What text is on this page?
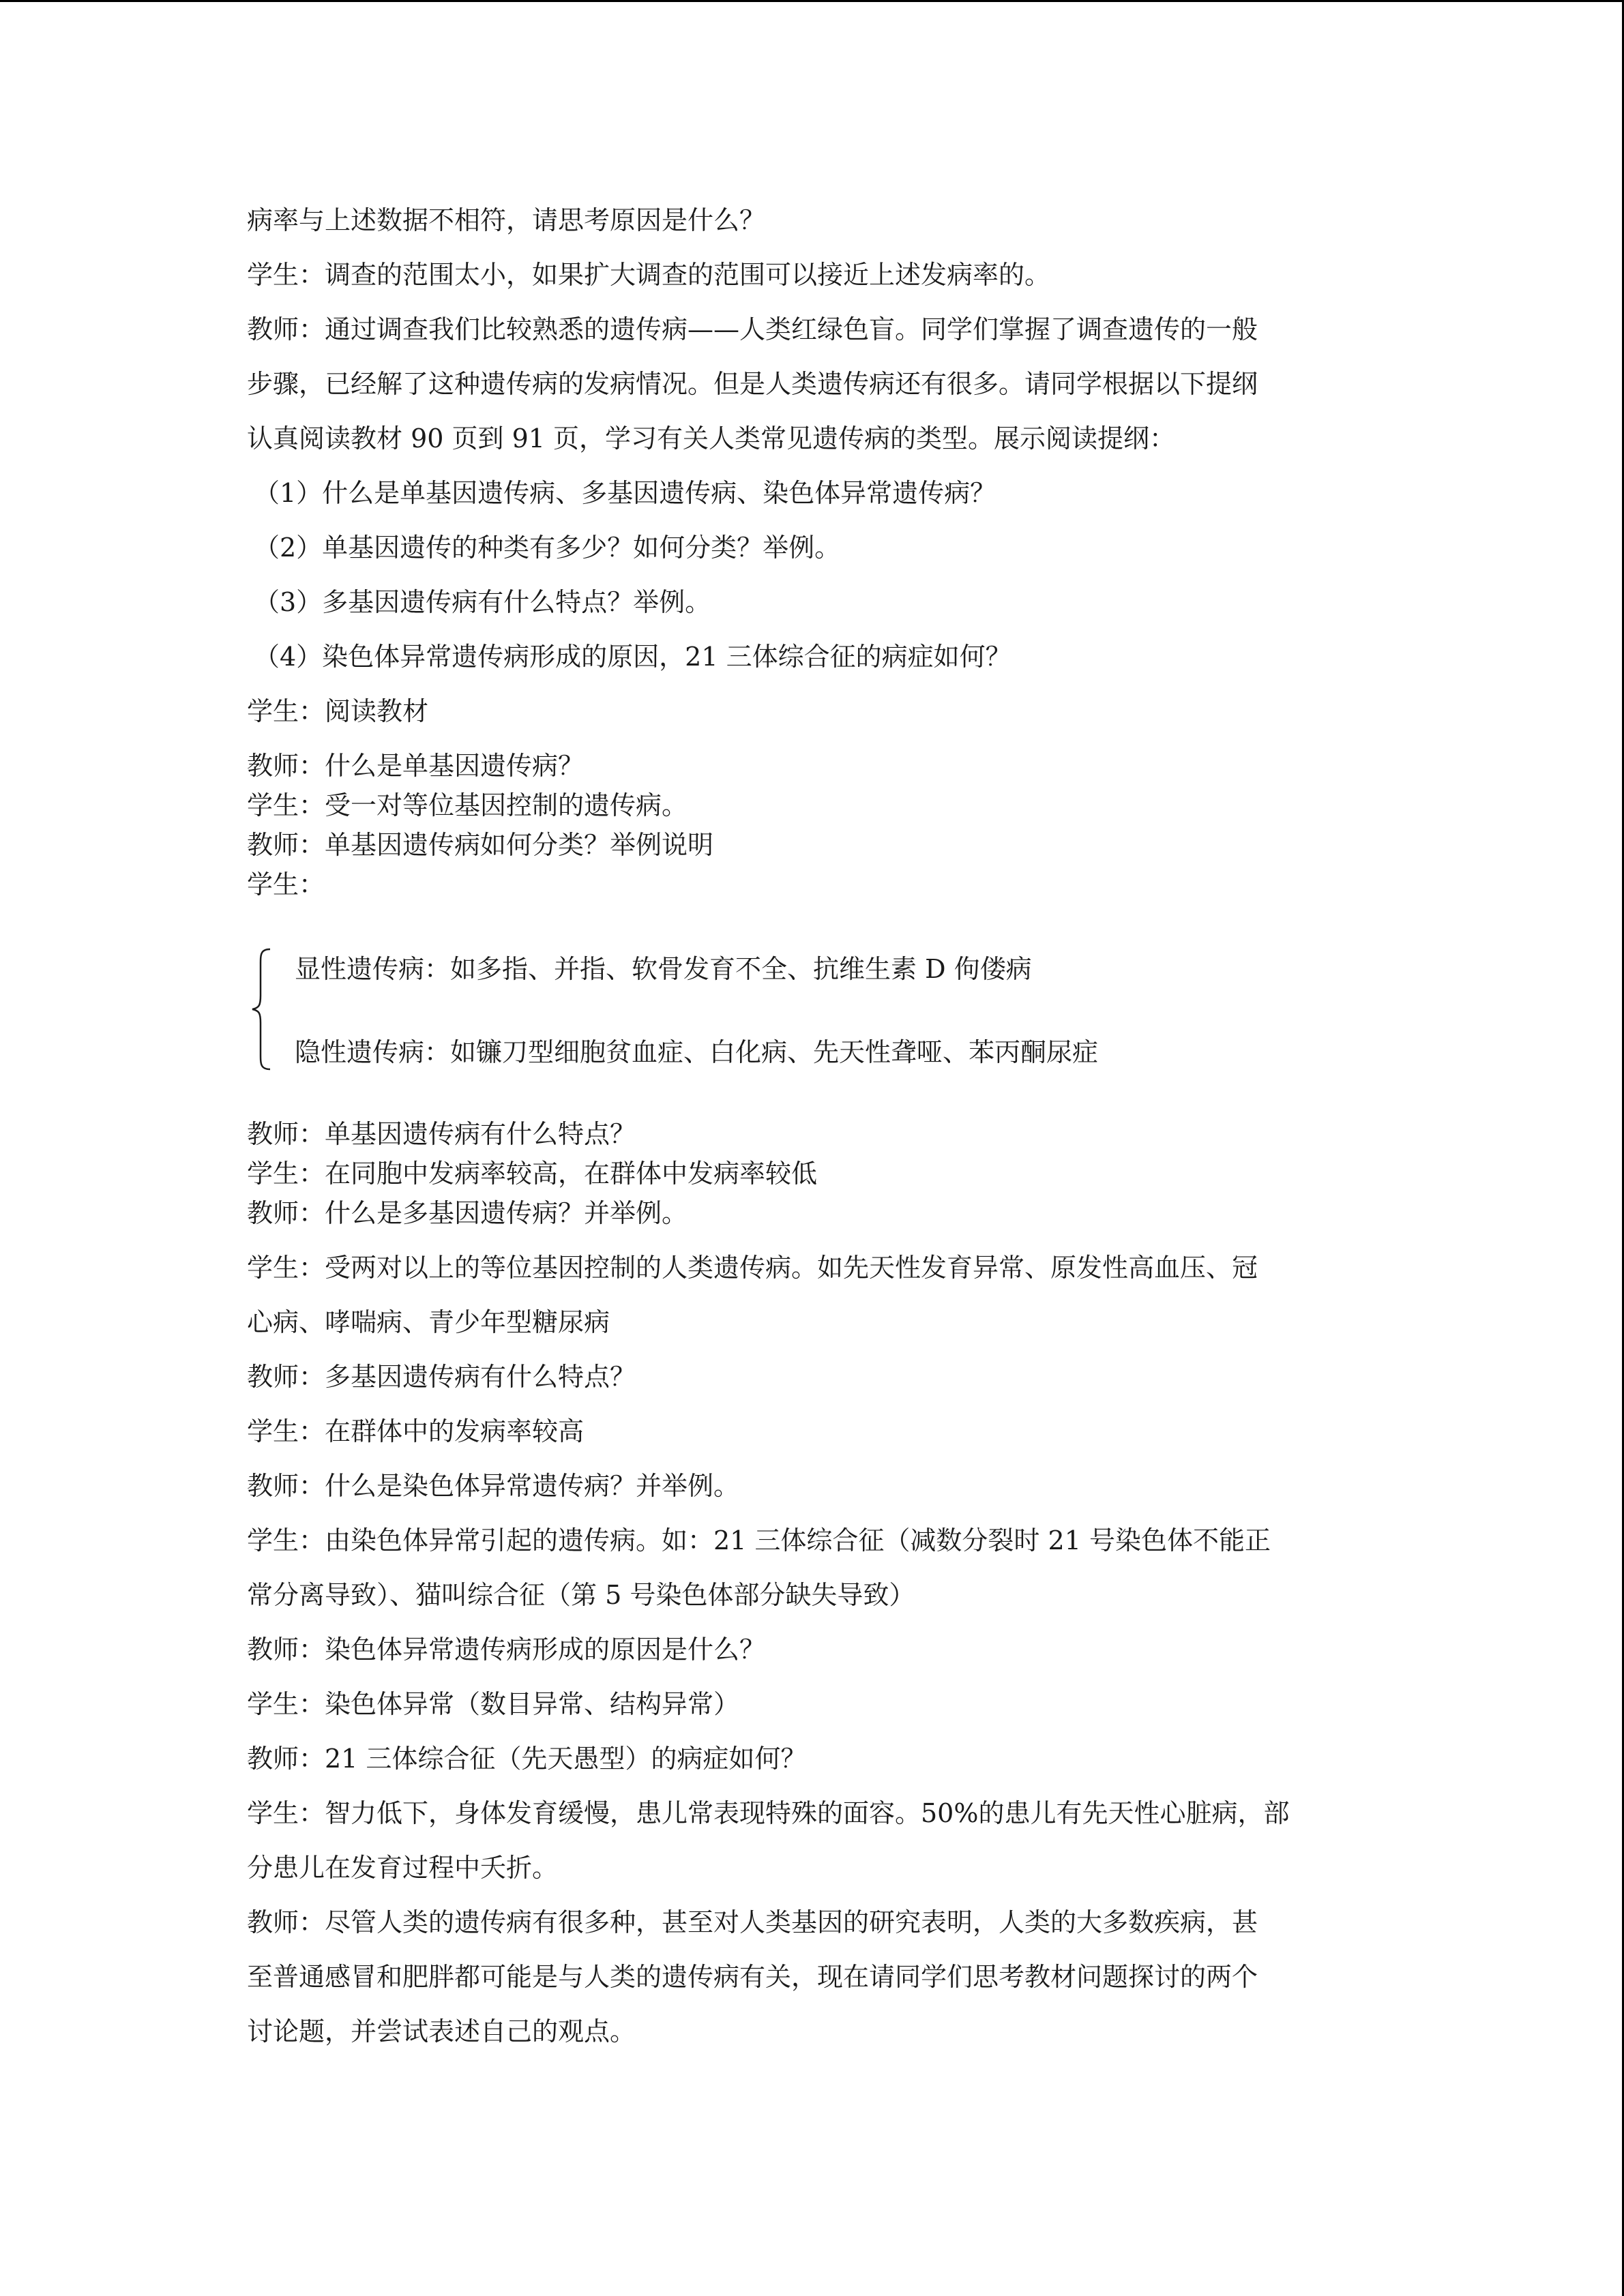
病率与上述数据不相符，请思考原因是什么？
学生：调查的范围太小，如果扩大调查的范围可以接近上述发病率的。
教师：通过调查我们比较熟悉的遗传病——人类红绿色盲。同学们掌握了调查遗传的一般
步骤，已经解了这种遗传病的发病情况。但是人类遗传病还有很多。请同学根据以下提纲
认真阅读教材 90 页到 91 页，学习有关人类常见遗传病的类型。展示阅读提纲：
（1）什么是单基因遗传病、多基因遗传病、染色体异常遗传病？
（2）单基因遗传的种类有多少？如何分类？举例。
（3）多基因遗传病有什么特点？举例。
（4）染色体异常遗传病形成的原因，21 三体综合征的病症如何？
学生：阅读教材
教师：什么是单基因遗传病？
学生：受一对等位基因控制的遗传病。
教师：单基因遗传病如何分类？举例说明
学生：
显性遗传病：如多指、并指、软骨发育不全、抗维生素 D 佝偻病
隐性遗传病：如镰刀型细胞贫血症、白化病、先天性聋哑、苯丙酮尿症
教师：单基因遗传病有什么特点？
学生：在同胞中发病率较高，在群体中发病率较低
教师：什么是多基因遗传病？并举例。
学生：受两对以上的等位基因控制的人类遗传病。如先天性发育异常、原发性高血压、冠
心病、哮喘病、青少年型糖尿病
教师：多基因遗传病有什么特点？
学生：在群体中的发病率较高
教师：什么是染色体异常遗传病？并举例。
学生：由染色体异常引起的遗传病。如：21 三体综合征（减数分裂时 21 号染色体不能正
常分离导致）、猫叫综合征（第 5 号染色体部分缺失导致）
教师：染色体异常遗传病形成的原因是什么？
学生：染色体异常（数目异常、结构异常）
教师：21 三体综合征（先天愚型）的病症如何？
学生：智力低下，身体发育缓慢，患儿常表现特殊的面容。50%的患儿有先天性心脏病，部
分患儿在发育过程中夭折。
教师：尽管人类的遗传病有很多种，甚至对人类基因的研究表明，人类的大多数疾病，甚
至普通感冒和肥胖都可能是与人类的遗传病有关，现在请同学们思考教材问题探讨的两个
讨论题，并尝试表述自己的观点。
